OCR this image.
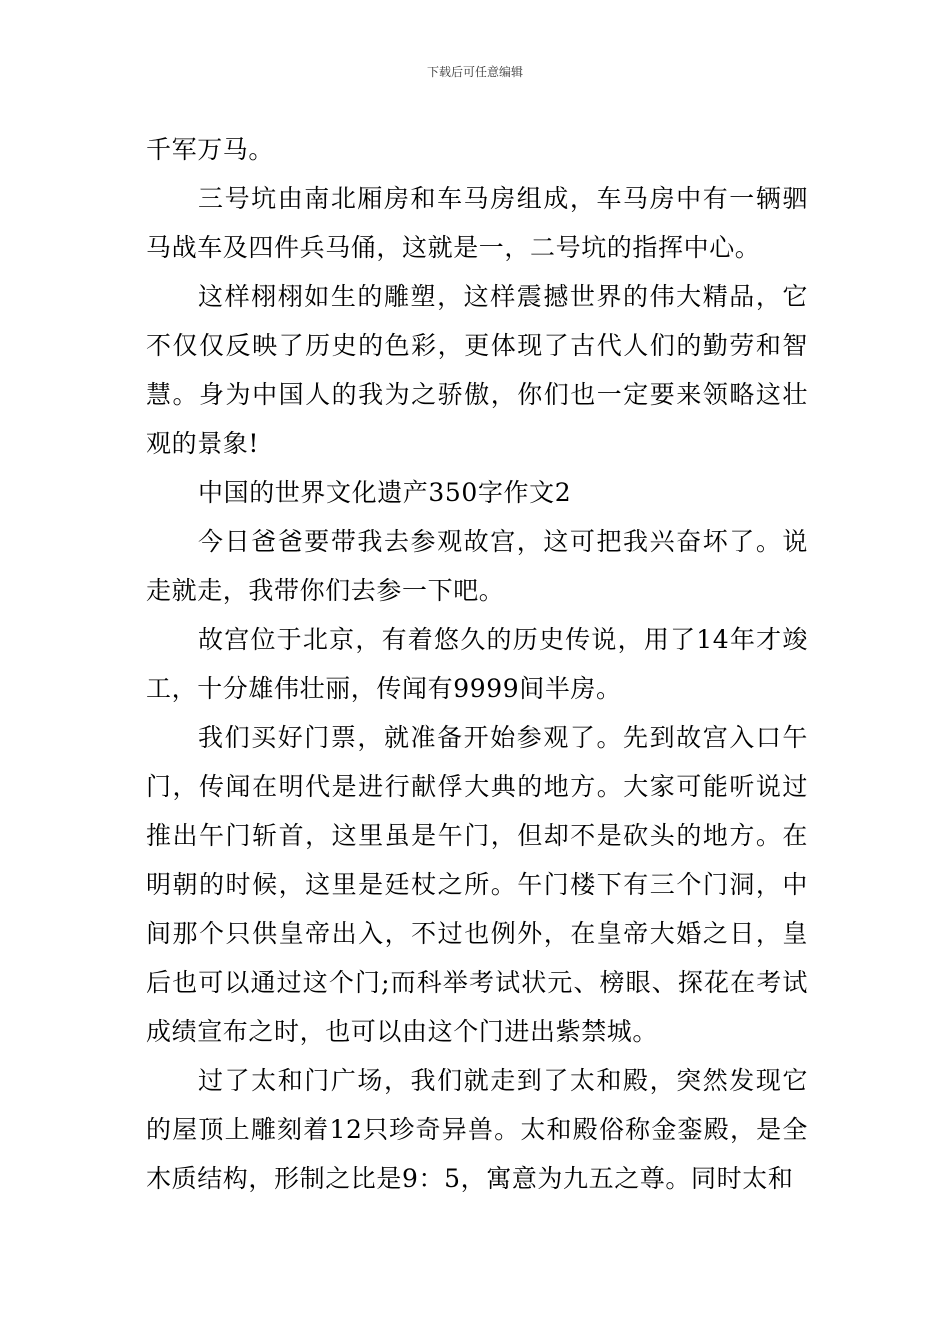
下载后可任意编辑

千军万马。

三号坑由南北厢房和车马房组成，车马房中有一辆驷马战车及四件兵马俑，这就是一，二号坑的指挥中心。

这样栩栩如生的雕塑，这样震撼世界的伟大精品，它不仅仅反映了历史的色彩，更体现了古代人们的勤劳和智慧。身为中国人的我为之骄傲，你们也一定要来领略这壮观的景象!

中国的世界文化遗产350字作文2

今日爸爸要带我去参观故宫，这可把我兴奋坏了。说走就走，我带你们去参一下吧。

故宫位于北京，有着悠久的历史传说，用了14年才竣工，十分雄伟壮丽，传闻有9999间半房。

我们买好门票，就准备开始参观了。先到故宫入口午门，传闻在明代是进行献俘大典的地方。大家可能听说过推出午门斩首，这里虽是午门，但却不是砍头的地方。在明朝的时候，这里是廷杖之所。午门楼下有三个门洞，中间那个只供皇帝出入，不过也例外，在皇帝大婚之日，皇后也可以通过这个门;而科举考试状元、榜眼、探花在考试成绩宣布之时，也可以由这个门进出紫禁城。

过了太和门广场，我们就走到了太和殿，突然发现它的屋顶上雕刻着12只珍奇异兽。太和殿俗称金銮殿，是全木质结构，形制之比是9：5，寓意为九五之尊。同时太和
